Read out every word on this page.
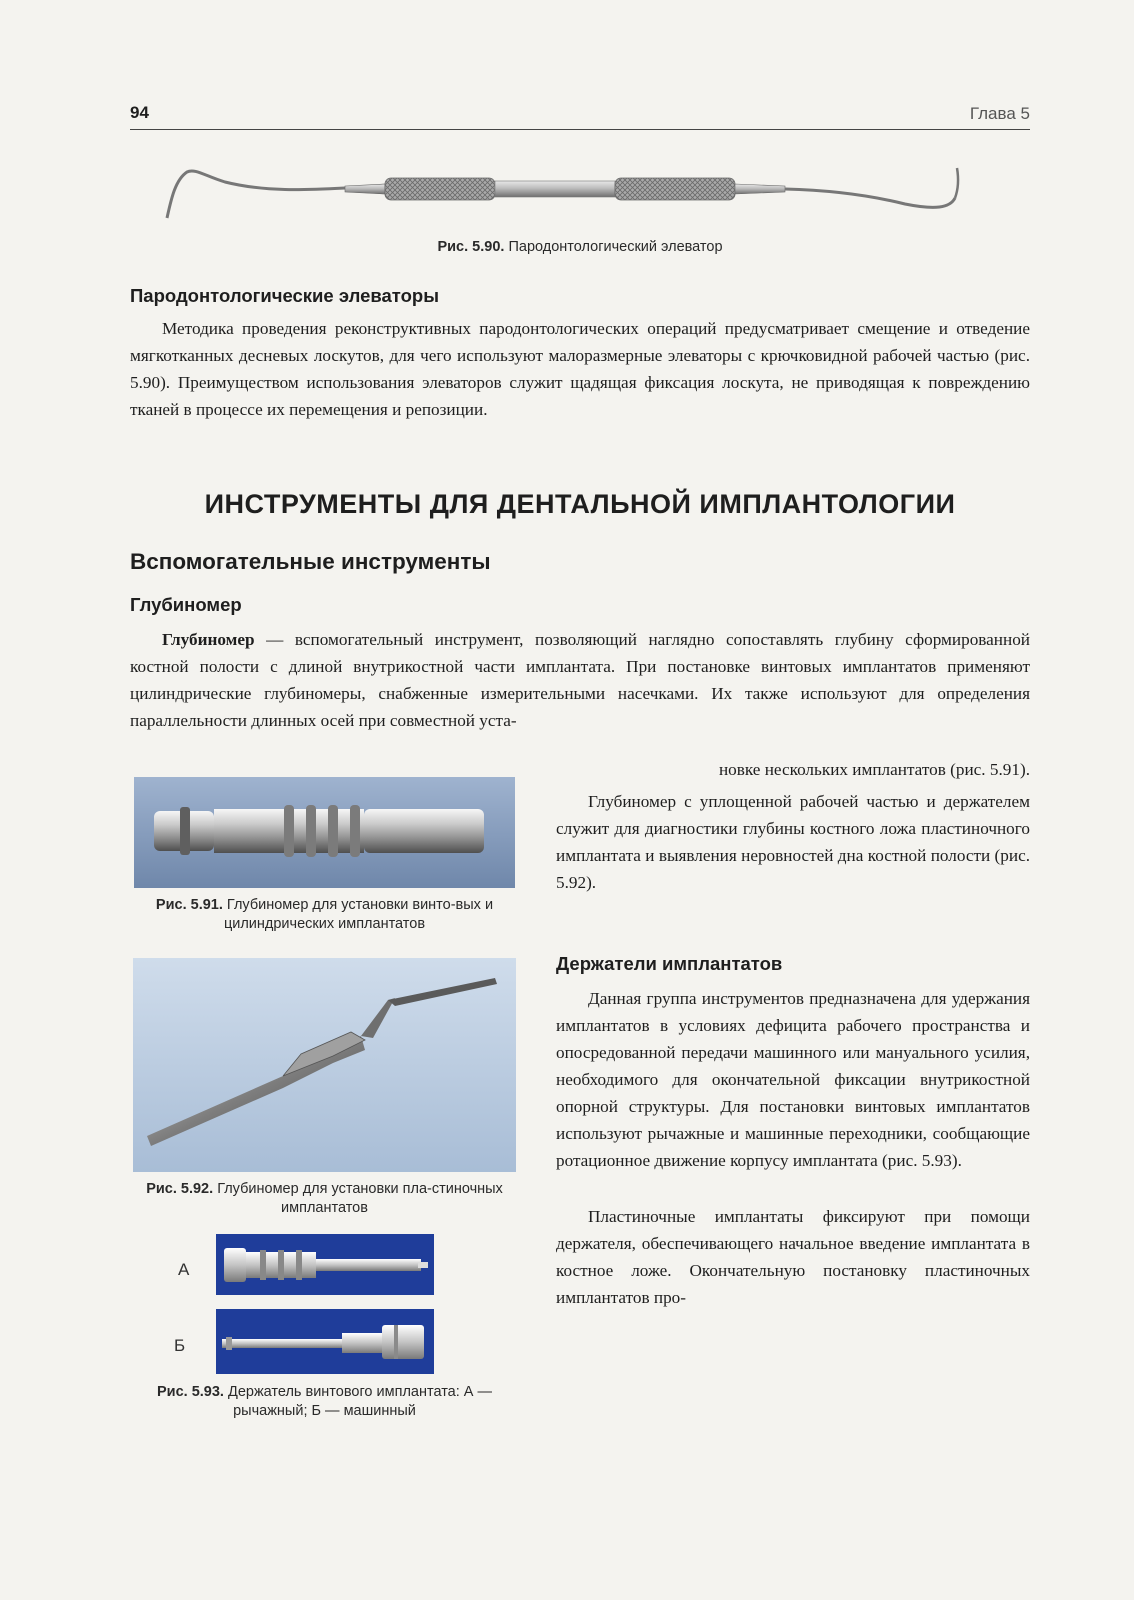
94	Глава 5
Рис. 5.90. Пародонтологический элеватор
Пародонтологические элеваторы
Методика проведения реконструктивных пародонтологических операций предусматривает смещение и отведение мягкотканных десневых лоскутов, для чего используют малоразмерные элеваторы с крючковидной рабочей частью (рис. 5.90). Преимуществом использования элеваторов служит щадящая фиксация лоскута, не приводящая к повреждению тканей в процессе их перемещения и репозиции.
ИНСТРУМЕНТЫ ДЛЯ ДЕНТАЛЬНОЙ ИМПЛАНТОЛОГИИ
Вспомогательные инструменты
Глубиномер
Глубиномер — вспомогательный инструмент, позволяющий наглядно сопоставлять глубину сформированной костной полости с длиной внутрикостной части имплантата. При постановке винтовых имплантатов применяют цилиндрические глубиномеры, снабженные измерительными насечками. Их также используют для определения параллельности длинных осей при совместной уста-
новке нескольких имплантатов (рис. 5.91).
Глубиномер с уплощенной рабочей частью и держателем служит для диагностики глубины костного ложа пластиночного имплантата и выявления неровностей дна костной полости (рис. 5.92).
Держатели имплантатов
Данная группа инструментов предназначена для удержания имплантатов в условиях дефицита рабочего пространства и опосредованной передачи машинного или мануального усилия, необходимого для окончательной фиксации внутрикостной опорной структуры. Для постановки винтовых имплантатов используют рычажные и машинные переходники, сообщающие ротационное движение корпусу имплантата (рис. 5.93).
Пластиночные имплантаты фиксируют при помощи держателя, обеспечивающего начальное введение имплантата в костное ложе. Окончательную постановку пластиночных имплантатов про-
Рис. 5.91. Глубиномер для установки винто-вых и цилиндрических имплантатов
Рис. 5.92. Глубиномер для установки пла-стиночных имплантатов
А
Б
Рис. 5.93. Держатель винтового имплантата: А — рычажный; Б — машинный
